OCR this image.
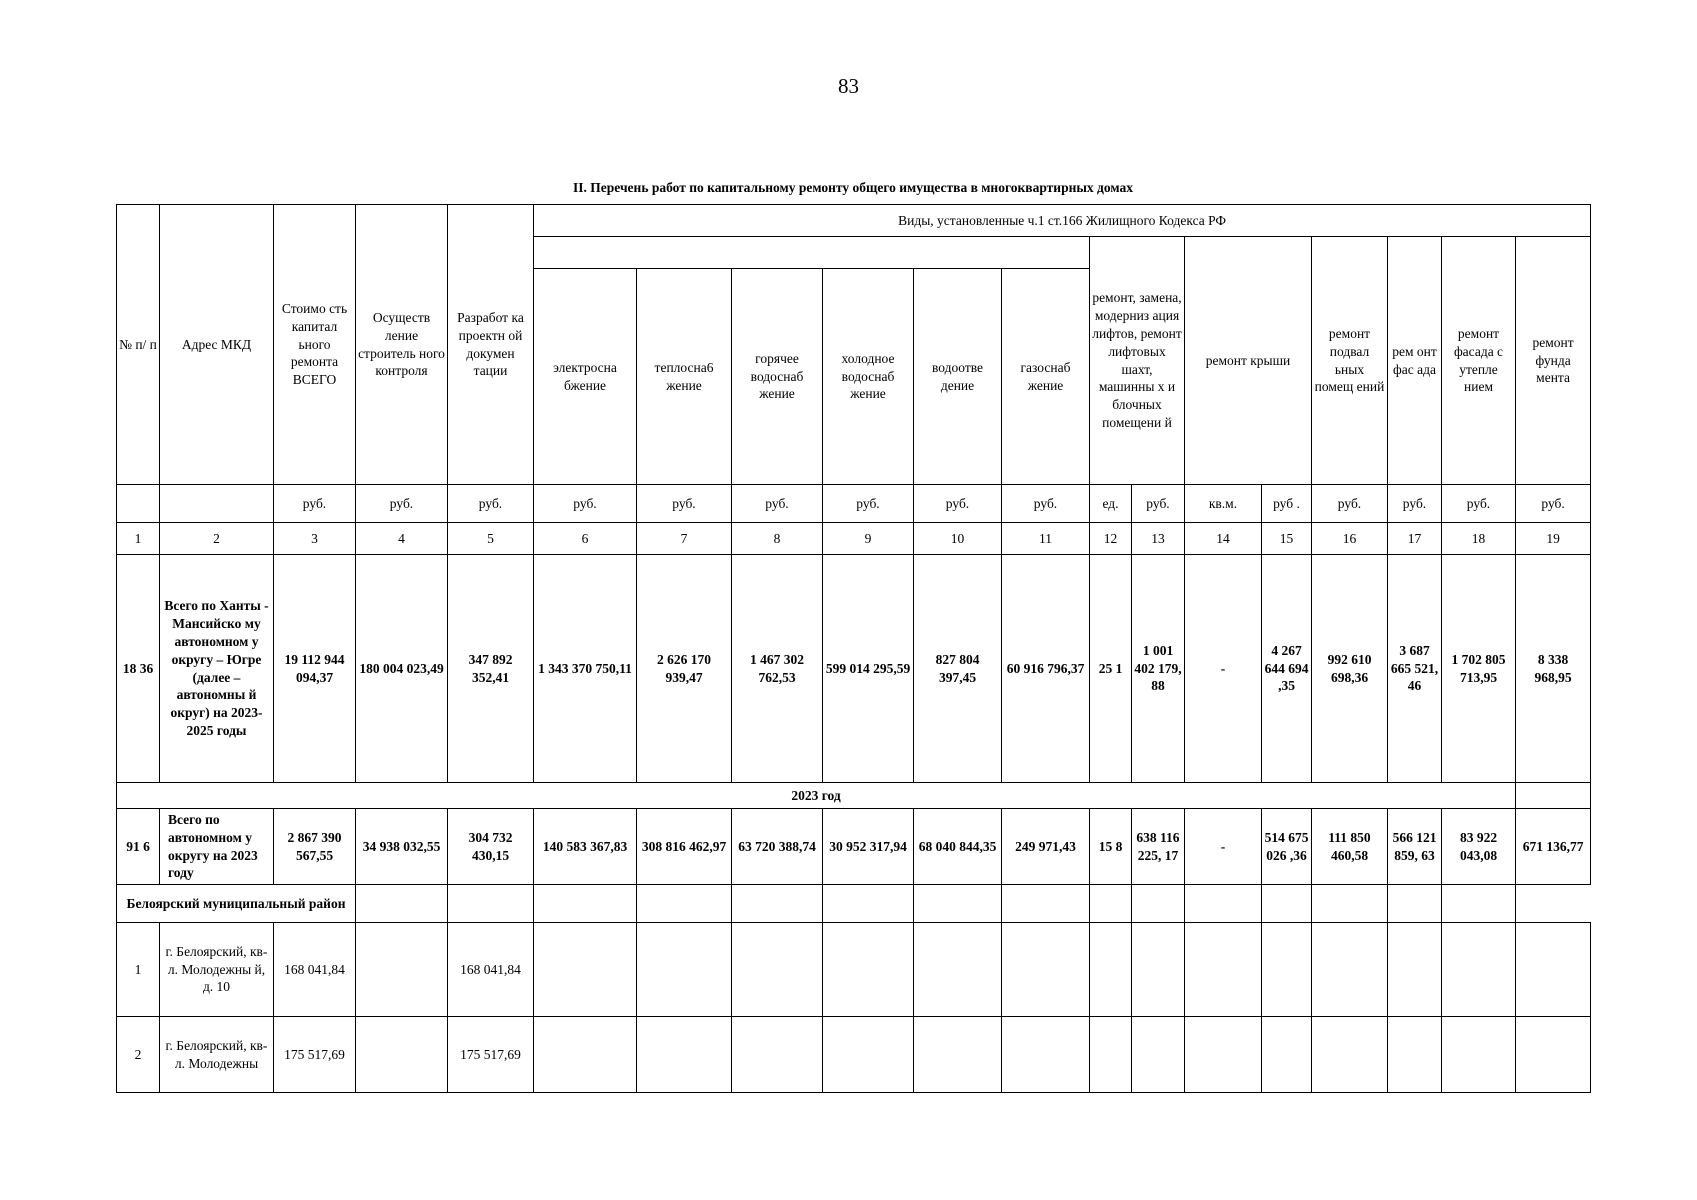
83
II. Перечень работ по капитальному ремонту общего имущества в многоквартирных домах
№ п/ п	Адрес МКД	Стоимо сть капитал ьного ремонта ВСЕГО	Осуществ ление строитель ного контроля	Разработ ка проектн ой докумен тации	Виды, установленные ч.1 ст.166 Жилищного Кодекса РФ													
											ремонт, замена, модерниз ация лифтов, ремонт лифтовых шахт, машинны х и блочных помещени й		ремонт крыши		ремонт подвал ьных помещ ений	рем онт фас ада	ремонт фасада с утепле нием	ремонт фунда мента
					электросна бжение	теплосна6 жение	горячее водоснаб жение	холодное водоснаб жение	водоотве дение	газоснаб жение								
		руб.	руб.	руб.	руб.	руб.	руб.	руб.	руб.	руб.	ед.	руб.	кв.м.	руб .	руб.	руб.	руб.	руб.
1	2	3	4	5	6	7	8	9	10	11	12	13	14	15	16	17	18	19
18 36	Всего по Ханты - Мансийско му автономном у округу – Югре (далее – автономны й округ) на 2023-2025 годы	19 112 944 094,37	180 004 023,49	347 892 352,41	1 343 370 750,11	2 626 170 939,47	1 467 302 762,53	599 014 295,59	827 804 397,45	60 916 796,37	25 1	1 001 402 179, 88	-	4 267 644 694 ,35	992 610 698,36	3 687 665 521, 46	1 702 805 713,95	8 338 968,95
2023 год																		
91 6	Всего по автономном у округу на 2023 году	2 867 390 567,55	34 938 032,55	304 732 430,15	140 583 367,83	308 816 462,97	63 720 388,74	30 952 317,94	68 040 844,35	249 971,43	15 8	638 116 225, 17	-	514 675 026 ,36	111 850 460,58	566 121 859, 63	83 922 043,08	671 136,77
Белоярский муниципальный район																		
1	г. Белоярский, кв-л. Молодежны й, д. 10	168 041,84		168 041,84														
2	г. Белоярский, кв-л. Молодежны	175 517,69		175 517,69														
